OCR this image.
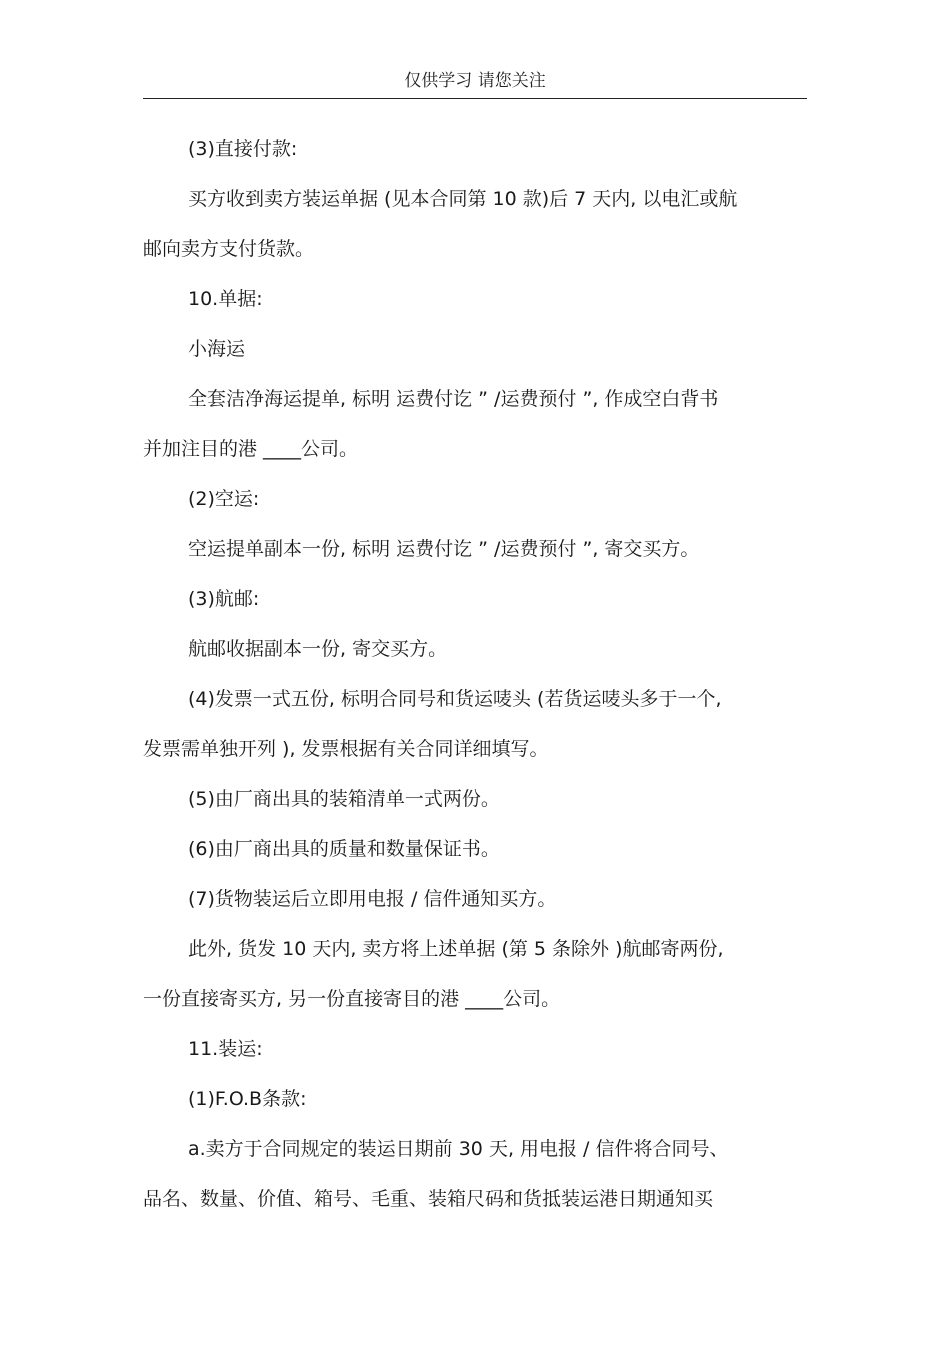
仅供学习 请您关注
(3)直接付款:
买方收到卖方装运单据 (见本合同第 10 款)后 7 天内, 以电汇或航
邮向卖方支付货款。
10.单据:
小海运
全套洁净海运提单, 标明 运费付讫 ” /运费预付 ”, 作成空白背书
并加注目的港 ____公司。
(2)空运:
空运提单副本一份, 标明 运费付讫 ” /运费预付 ”, 寄交买方。
(3)航邮:
航邮收据副本一份, 寄交买方。
(4)发票一式五份, 标明合同号和货运唛头 (若货运唛头多于一个,
发票需单独开列 ), 发票根据有关合同详细填写。
(5)由厂商出具的装箱清单一式两份。
(6)由厂商出具的质量和数量保证书。
(7)货物装运后立即用电报 / 信件通知买方。
此外, 货发 10 天内, 卖方将上述单据 (第 5 条除外 )航邮寄两份,
一份直接寄买方, 另一份直接寄目的港 ____公司。
11.装运:
(1)F.O.B条款:
a.卖方于合同规定的装运日期前 30 天, 用电报 / 信件将合同号、
品名、数量、价值、箱号、毛重、装箱尺码和货抵装运港日期通知买
